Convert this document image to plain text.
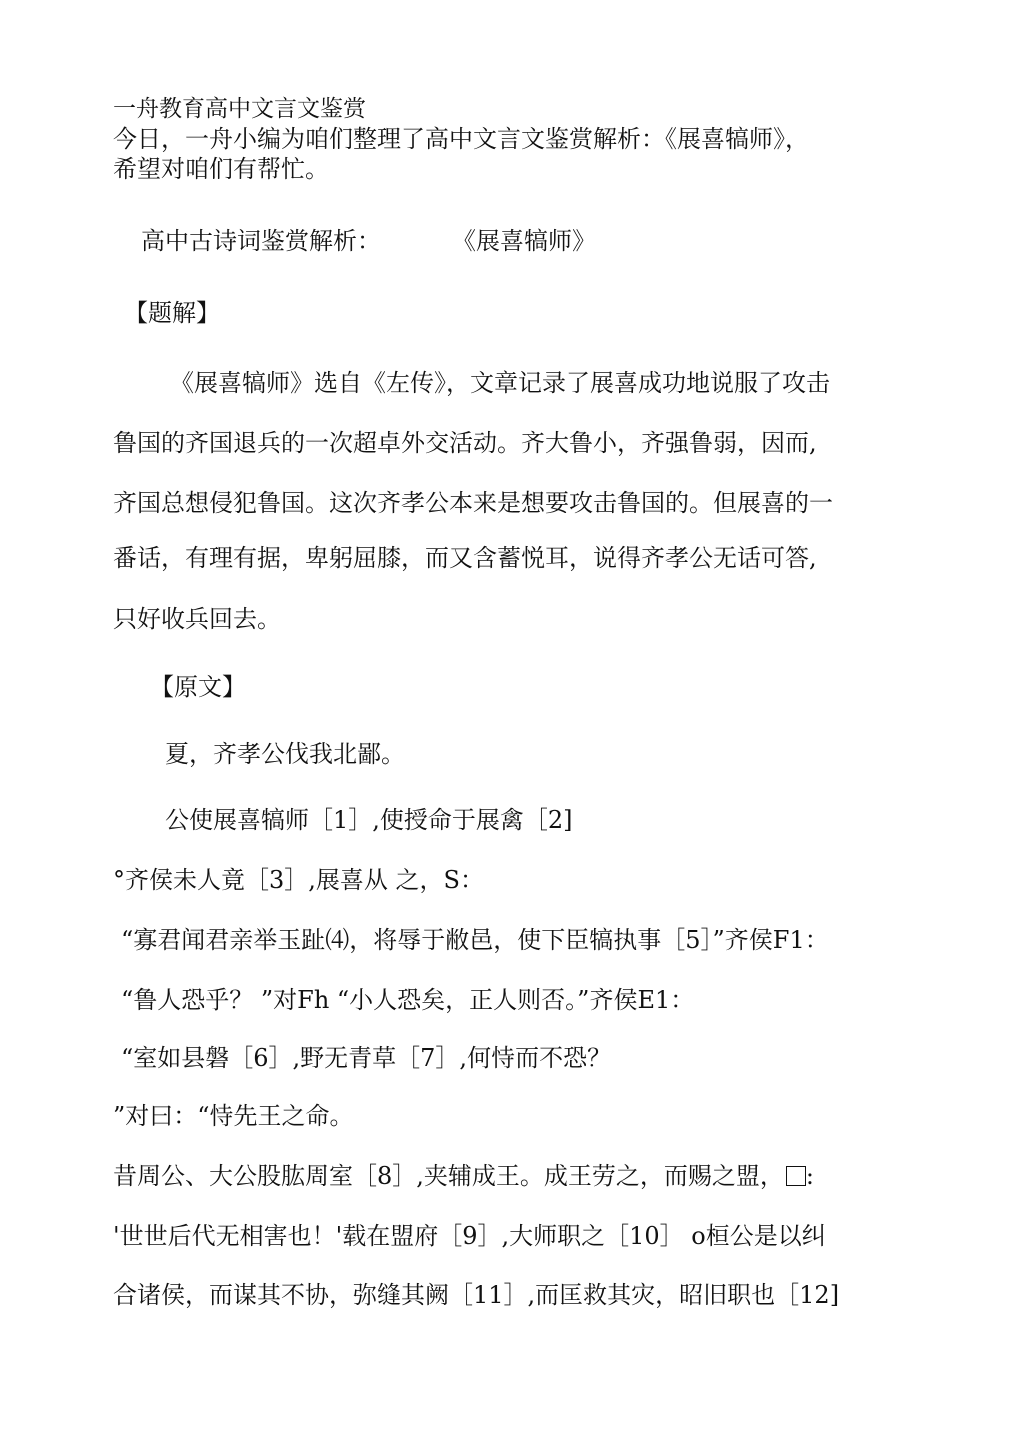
一舟教育高中文言文鉴赏
今日，一舟小编为咱们整理了高中文言文鉴赏解析：《展喜犒师》，
希望对咱们有帮忙。
高中古诗词鉴赏解析：	《展喜犒师》
【题解】
《展喜犒师》选自《左传》，文章记录了展喜成功地说服了攻击
鲁国的齐国退兵的一次超卓外交活动。齐大鲁小，齐强鲁弱，因而,
齐国总想侵犯鲁国。这次齐孝公本来是想要攻击鲁国的。但展喜的一
番话，有理有据，卑躬屈膝，而又含蓄悦耳，说得齐孝公无话可答,
只好收兵回去。
【原文】
夏，齐孝公伐我北鄙。
公使展喜犒师［1］,使授命于展禽［2]
°齐侯未人竟［3］,展喜从 之，S：
“寡君闻君亲举玉趾⑷，将辱于敝邑，使下臣犒执事［5］”齐侯F1：
“鲁人恐乎？ ”对Fh “小人恐矣，正人则否。”齐侯E1：
“室如县磐［6］,野无青草［7］,何恃而不恐？
”对曰：“恃先王之命。
昔周公、大公股肱周室［8］,夹辅成王。成王劳之，而赐之盟， :
'世世后代无相害也！'载在盟府［9］,大师职之［10］ o桓公是以纠
合诸侯，而谋其不协，弥缝其阙［11］,而匡救其灾，昭旧职也［12]
